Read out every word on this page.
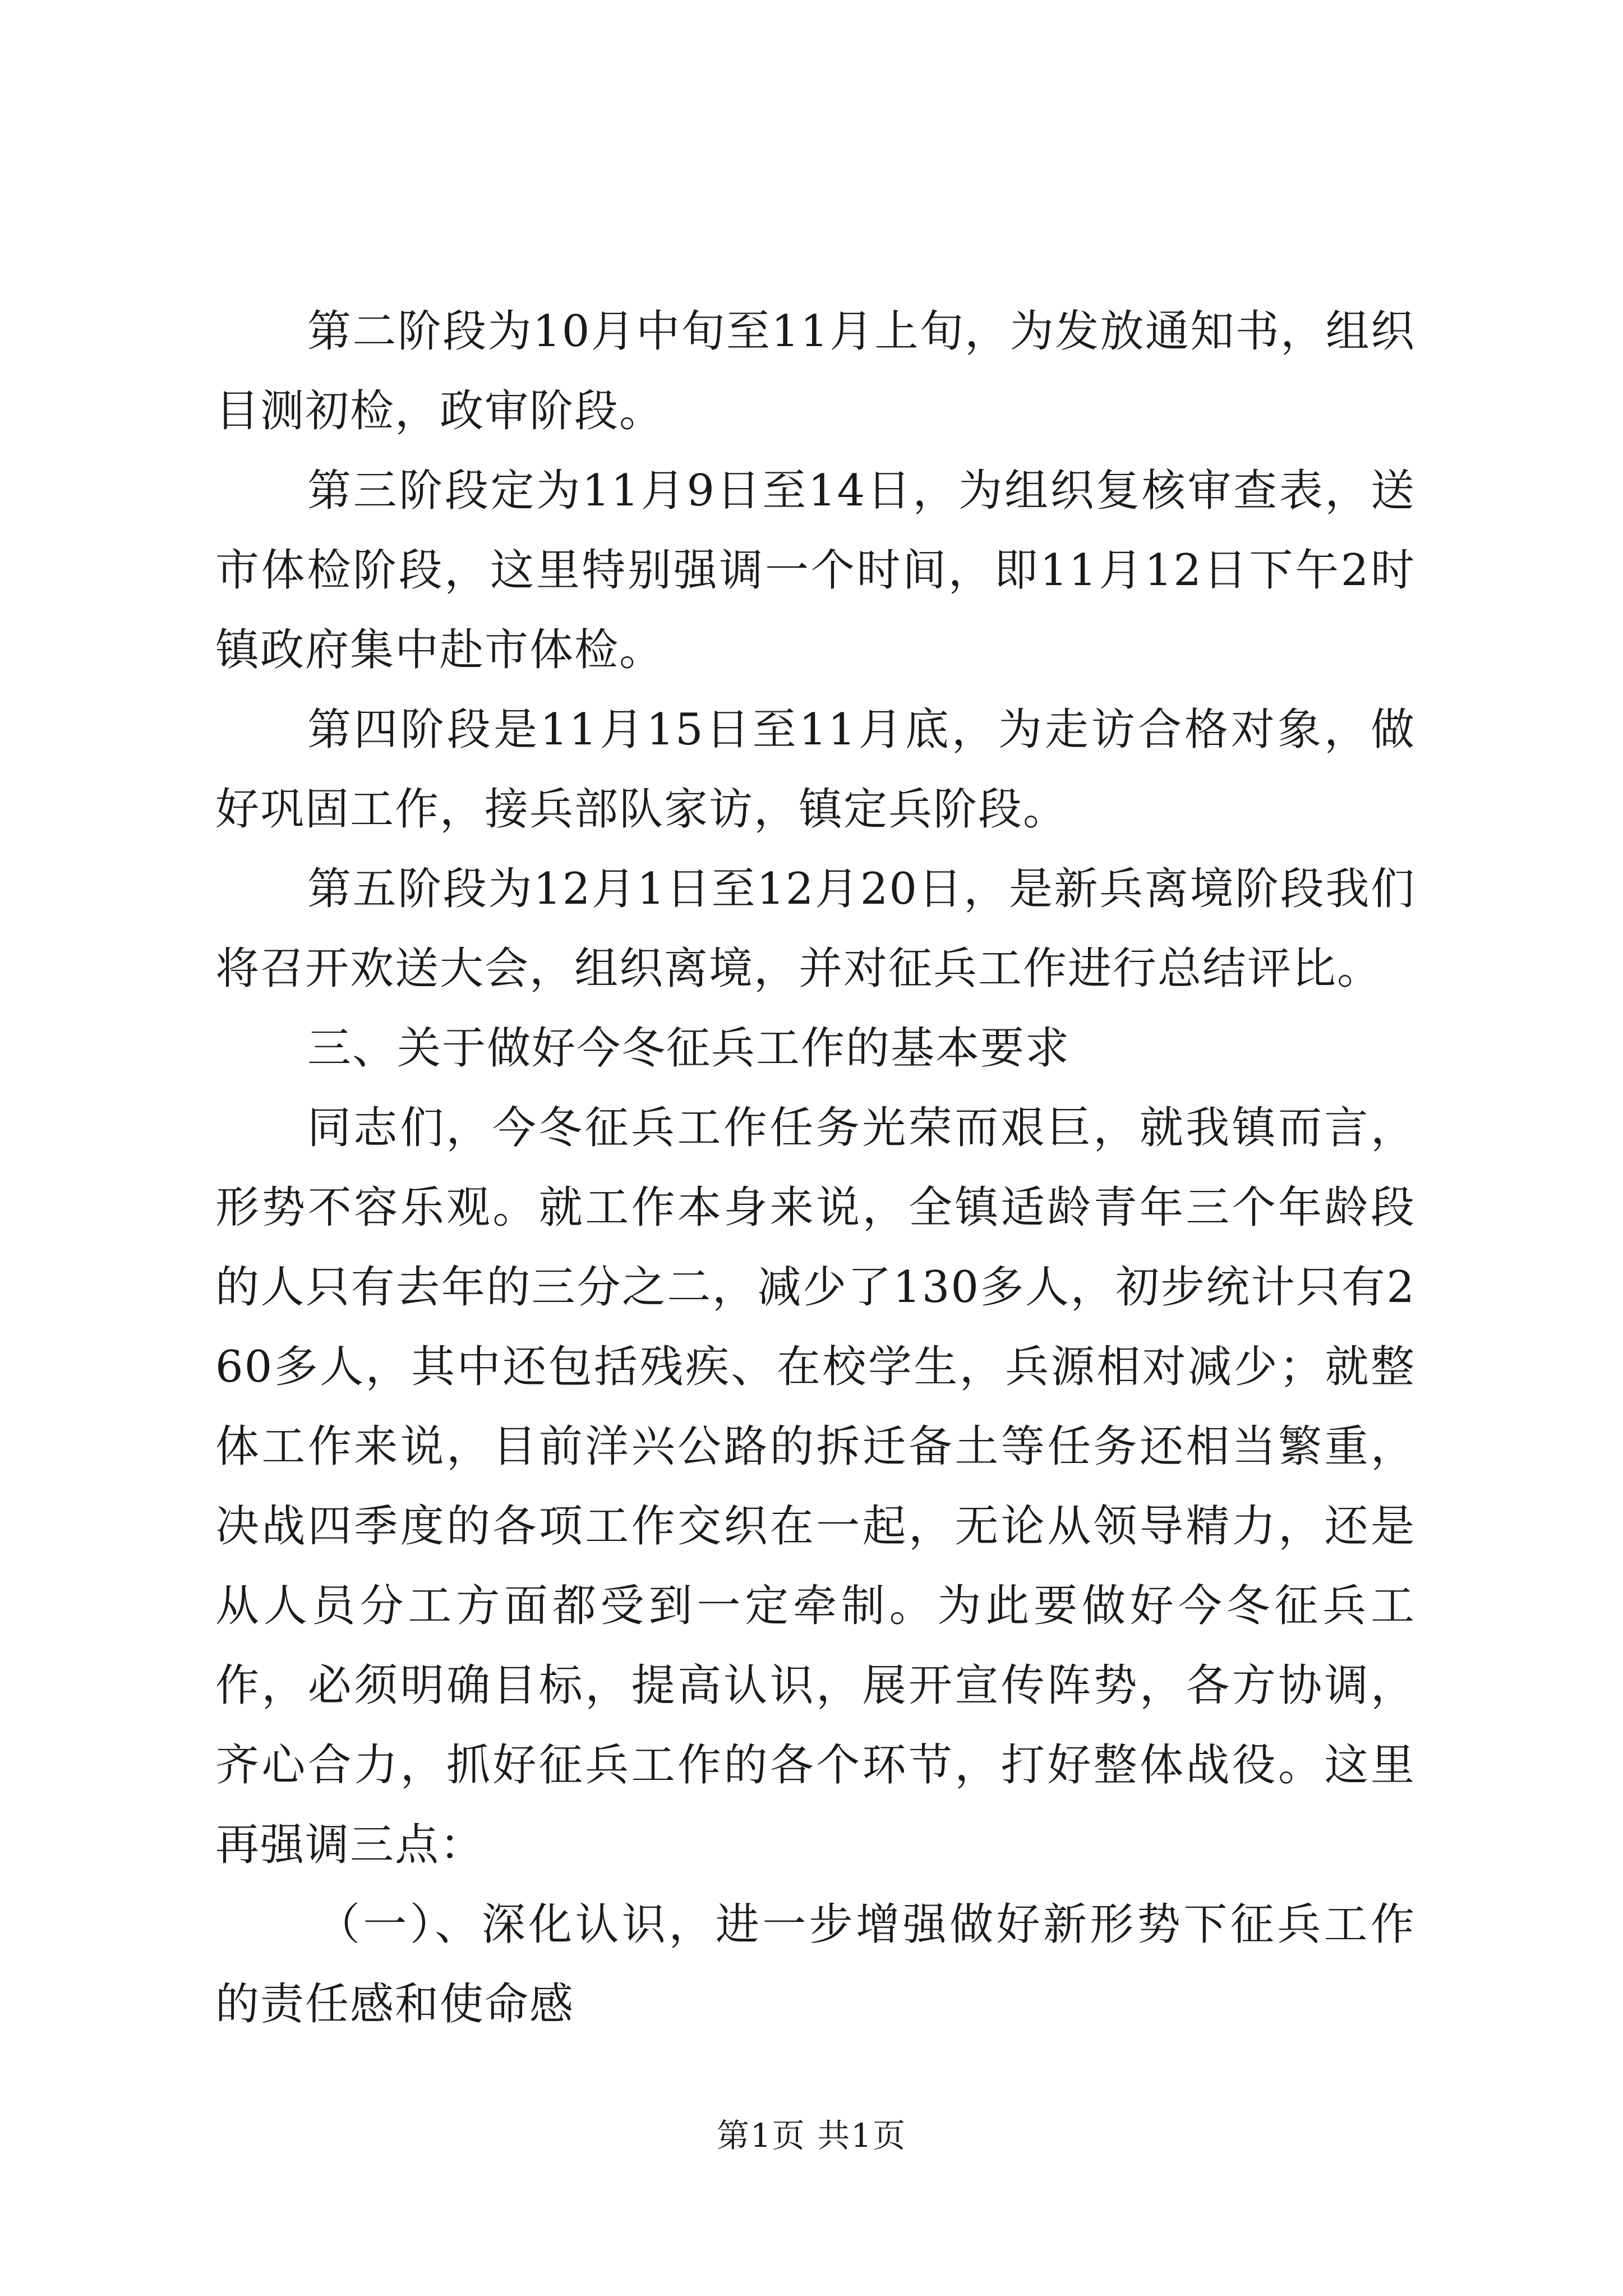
第二阶段为10月中旬至11月上旬，为发放通知书，组织目测初检，政审阶段。

第三阶段定为11月9日至14日，为组织复核审查表，送市体检阶段，这里特别强调一个时间，即11月12日下午2时镇政府集中赴市体检。

第四阶段是11月15日至11月底，为走访合格对象，做好巩固工作，接兵部队家访，镇定兵阶段。

第五阶段为12月1日至12月20日，是新兵离境阶段我们将召开欢送大会，组织离境，并对征兵工作进行总结评比。

三、关于做好今冬征兵工作的基本要求

同志们，今冬征兵工作任务光荣而艰巨，就我镇而言，形势不容乐观。就工作本身来说，全镇适龄青年三个年龄段的人只有去年的三分之二，减少了130多人，初步统计只有260多人，其中还包括残疾、在校学生，兵源相对减少；就整体工作来说，目前洋兴公路的拆迁备土等任务还相当繁重，决战四季度的各项工作交织在一起，无论从领导精力，还是从人员分工方面都受到一定牵制。为此要做好今冬征兵工作，必须明确目标，提高认识，展开宣传阵势，各方协调，齐心合力，抓好征兵工作的各个环节，打好整体战役。这里再强调三点：

（一）、深化认识，进一步增强做好新形势下征兵工作的责任感和使命感

第1页 共1页
